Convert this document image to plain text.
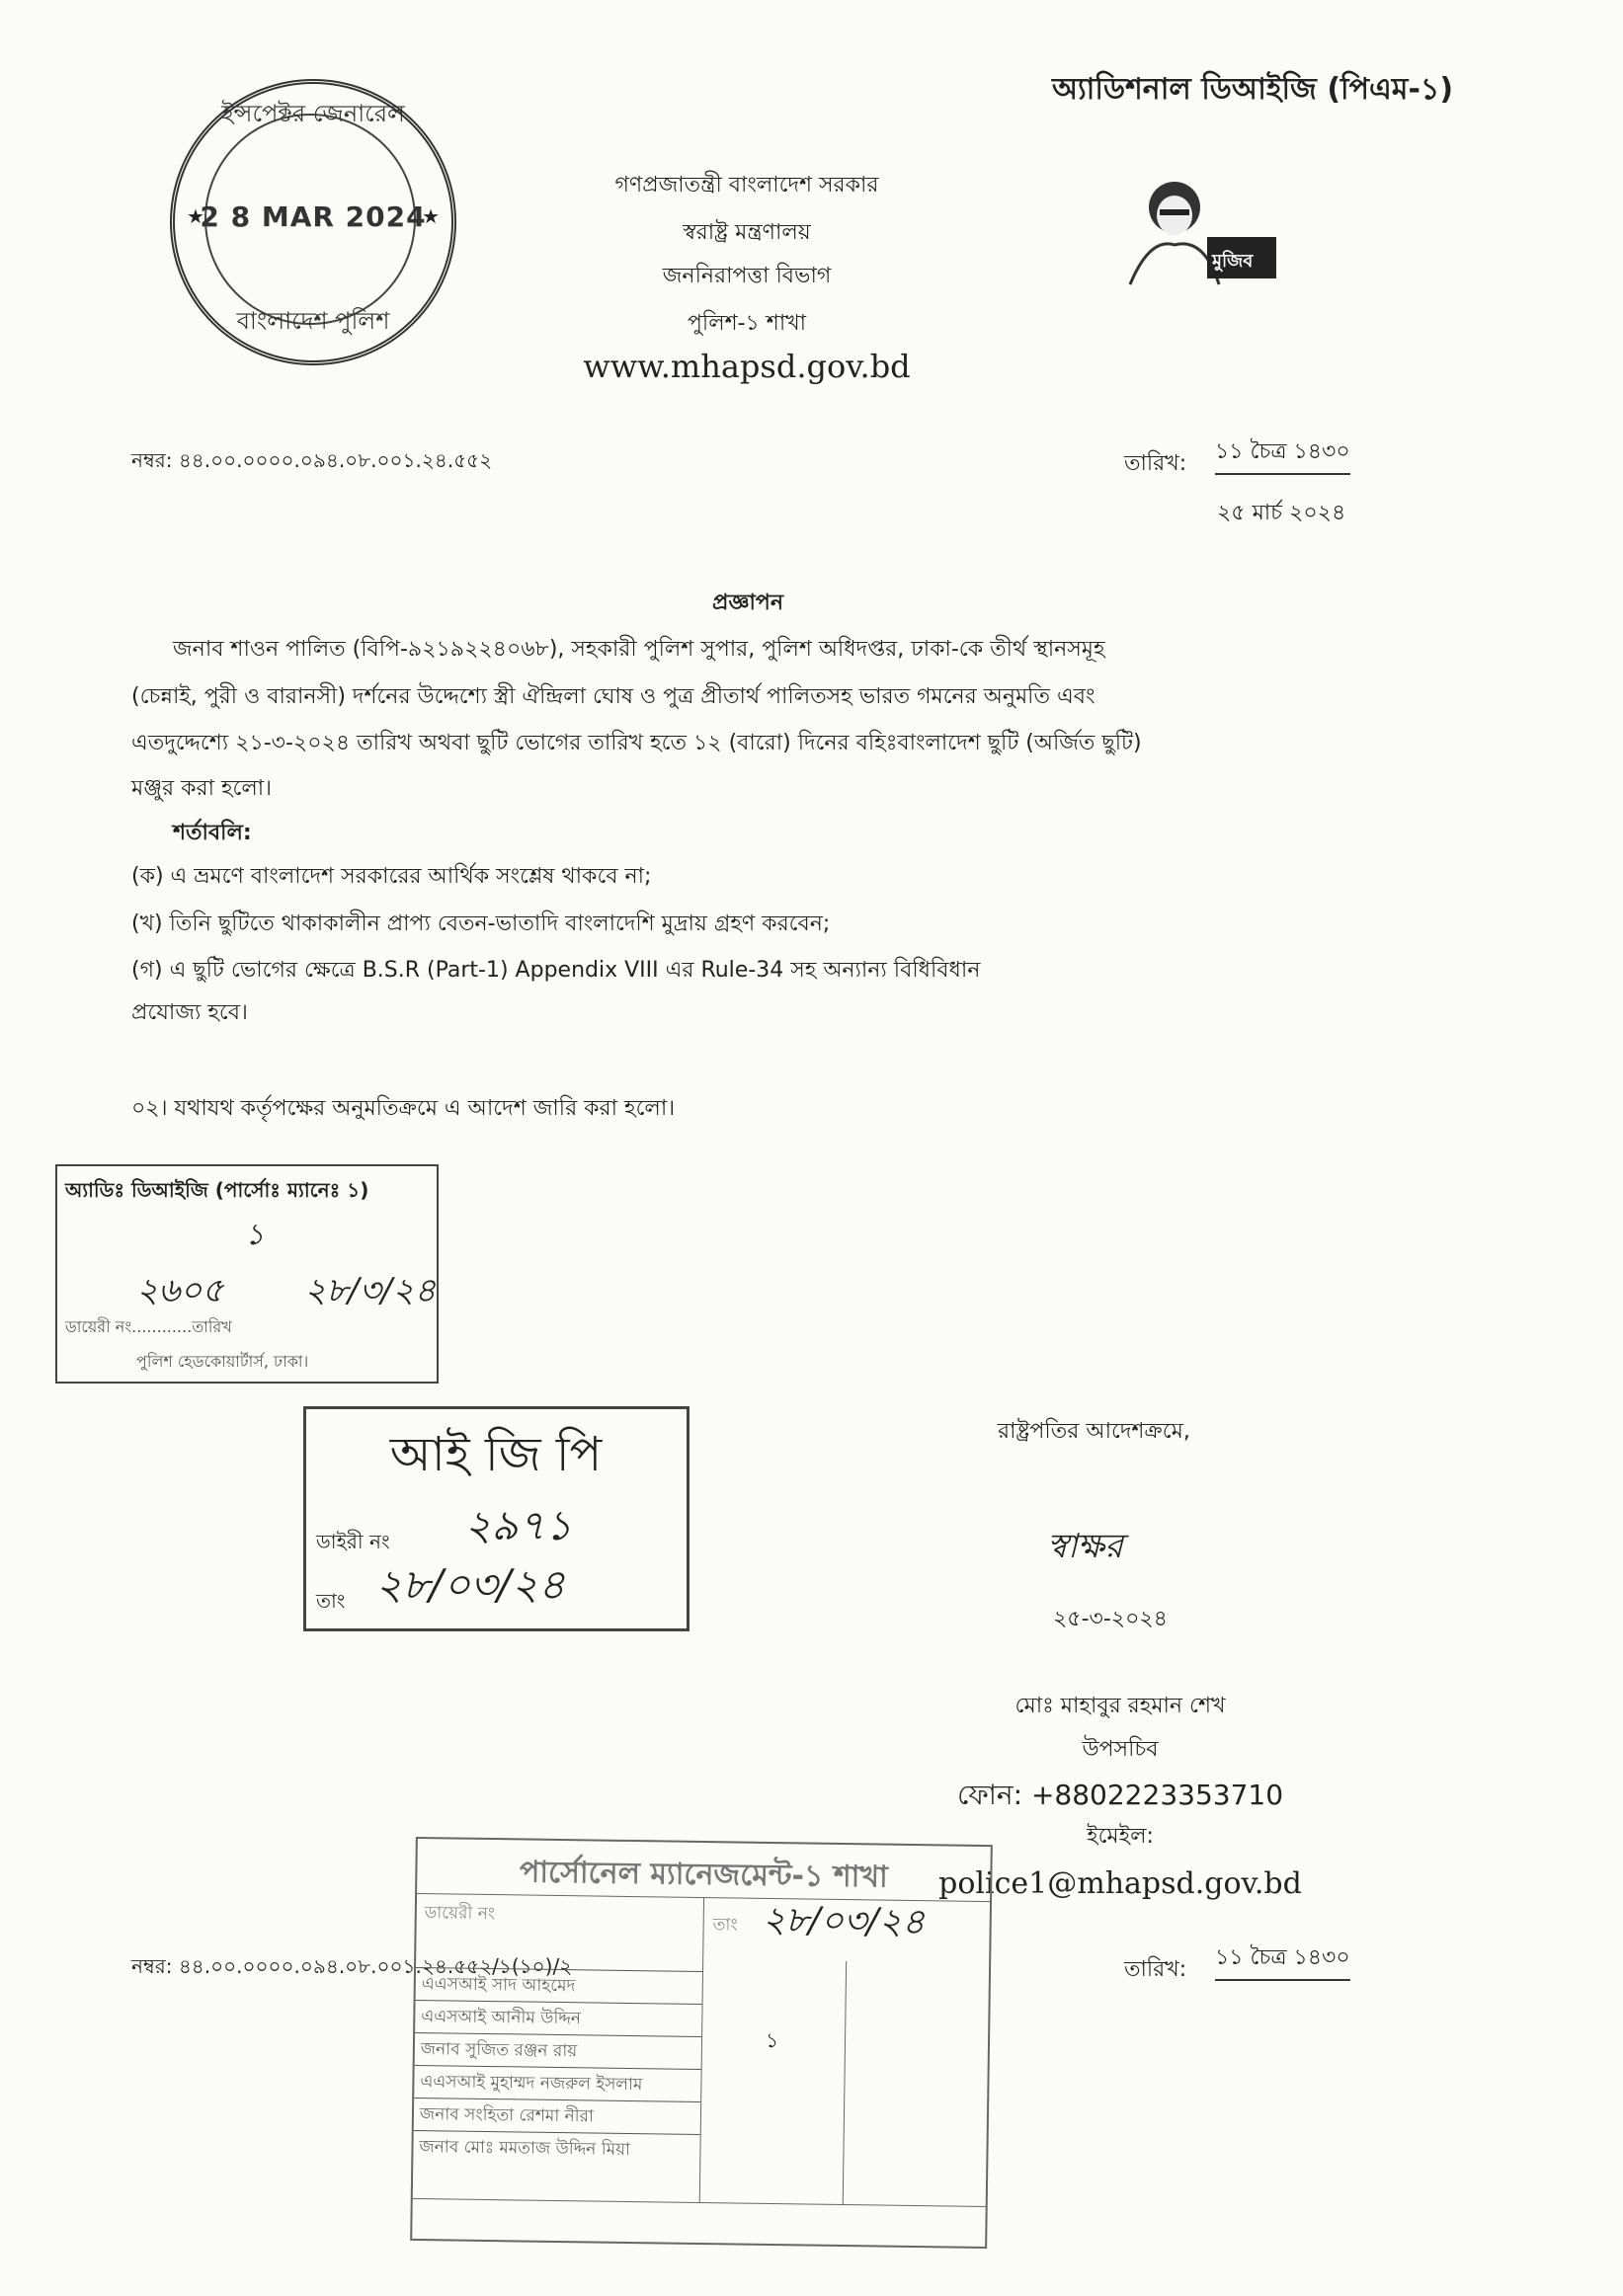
অ্যাডিশনাল ডিআইজি (পিএম-১)
ইন্সপেক্টর জেনারেল
★
2 8 MAR 2024
★
বাংলাদেশ পুলিশ
গণপ্রজাতন্ত্রী বাংলাদেশ সরকার
স্বরাষ্ট্র মন্ত্রণালয়
জননিরাপত্তা বিভাগ
পুলিশ-১ শাখা
www.mhapsd.gov.bd
মুজিব
নম্বর: ৪৪.০০.০০০০.০৯৪.০৮.০০১.২৪.৫৫২	তারিখ: ১১ চৈত্র ১৪৩০
২৫ মার্চ ২০২৪
প্রজ্ঞাপন
জনাব শাওন পালিত (বিপি-৯২১৯২২৪০৬৮), সহকারী পুলিশ সুপার, পুলিশ অধিদপ্তর, ঢাকা-কে তীর্থ স্থানসমূহ
(চেন্নাই, পুরী ও বারানসী) দর্শনের উদ্দেশ্যে স্ত্রী ঐন্দ্রিলা ঘোষ ও পুত্র প্রীতার্থ পালিতসহ ভারত গমনের অনুমতি এবং
এতদুদ্দেশ্যে ২১-৩-২০২৪ তারিখ অথবা ছুটি ভোগের তারিখ হতে ১২ (বারো) দিনের বহিঃবাংলাদেশ ছুটি (অর্জিত ছুটি)
মঞ্জুর করা হলো।
শর্তাবলি:
(ক) এ ভ্রমণে বাংলাদেশ সরকারের আর্থিক সংশ্লেষ থাকবে না;
(খ) তিনি ছুটিতে থাকাকালীন প্রাপ্য বেতন-ভাতাদি বাংলাদেশি মুদ্রায় গ্রহণ করবেন;
(গ) এ ছুটি ভোগের ক্ষেত্রে B.S.R (Part-1) Appendix VIII এর Rule-34 সহ অন্যান্য বিধিবিধান
প্রযোজ্য হবে।
০২। যথাযথ কর্তৃপক্ষের অনুমতিক্রমে এ আদেশ জারি করা হলো।
অ্যাডিঃ ডিআইজি (পার্সোঃ ম্যানেঃ ১)
১
২৬০৫ ২৮/৩/২৪
ডায়েরী নং............তারিখ
পুলিশ হেডকোয়ার্টার্স, ঢাকা।
আই জি পি
ডাইরী নং ২৯৭১
তাং ২৮/০৩/২৪
রাষ্ট্রপতির আদেশক্রমে,
স্বাক্ষর
২৫-৩-২০২৪
মোঃ মাহাবুর রহমান শেখ
উপসচিব
ফোন: +8802223353710
ইমেইল:
police1@mhapsd.gov.bd
নম্বর: ৪৪.০০.০০০০.০৯৪.০৮.০০১.২৪.৫৫২/১(১০)/২	তারিখ: ১১ চৈত্র ১৪৩০
পার্সোনেল ম্যানেজমেন্ট-১ শাখা
ডায়েরী নং
তাং ২৮/০৩/২৪
১
এএসআই সাদ আহমেদ
এএসআই আনীম উদ্দিন
জনাব সুজিত রঞ্জন রায়
এএসআই মুহাম্মদ নজরুল ইসলাম
জনাব সংহিতা রেশমা নীরা
জনাব মোঃ মমতাজ উদ্দিন মিয়া
